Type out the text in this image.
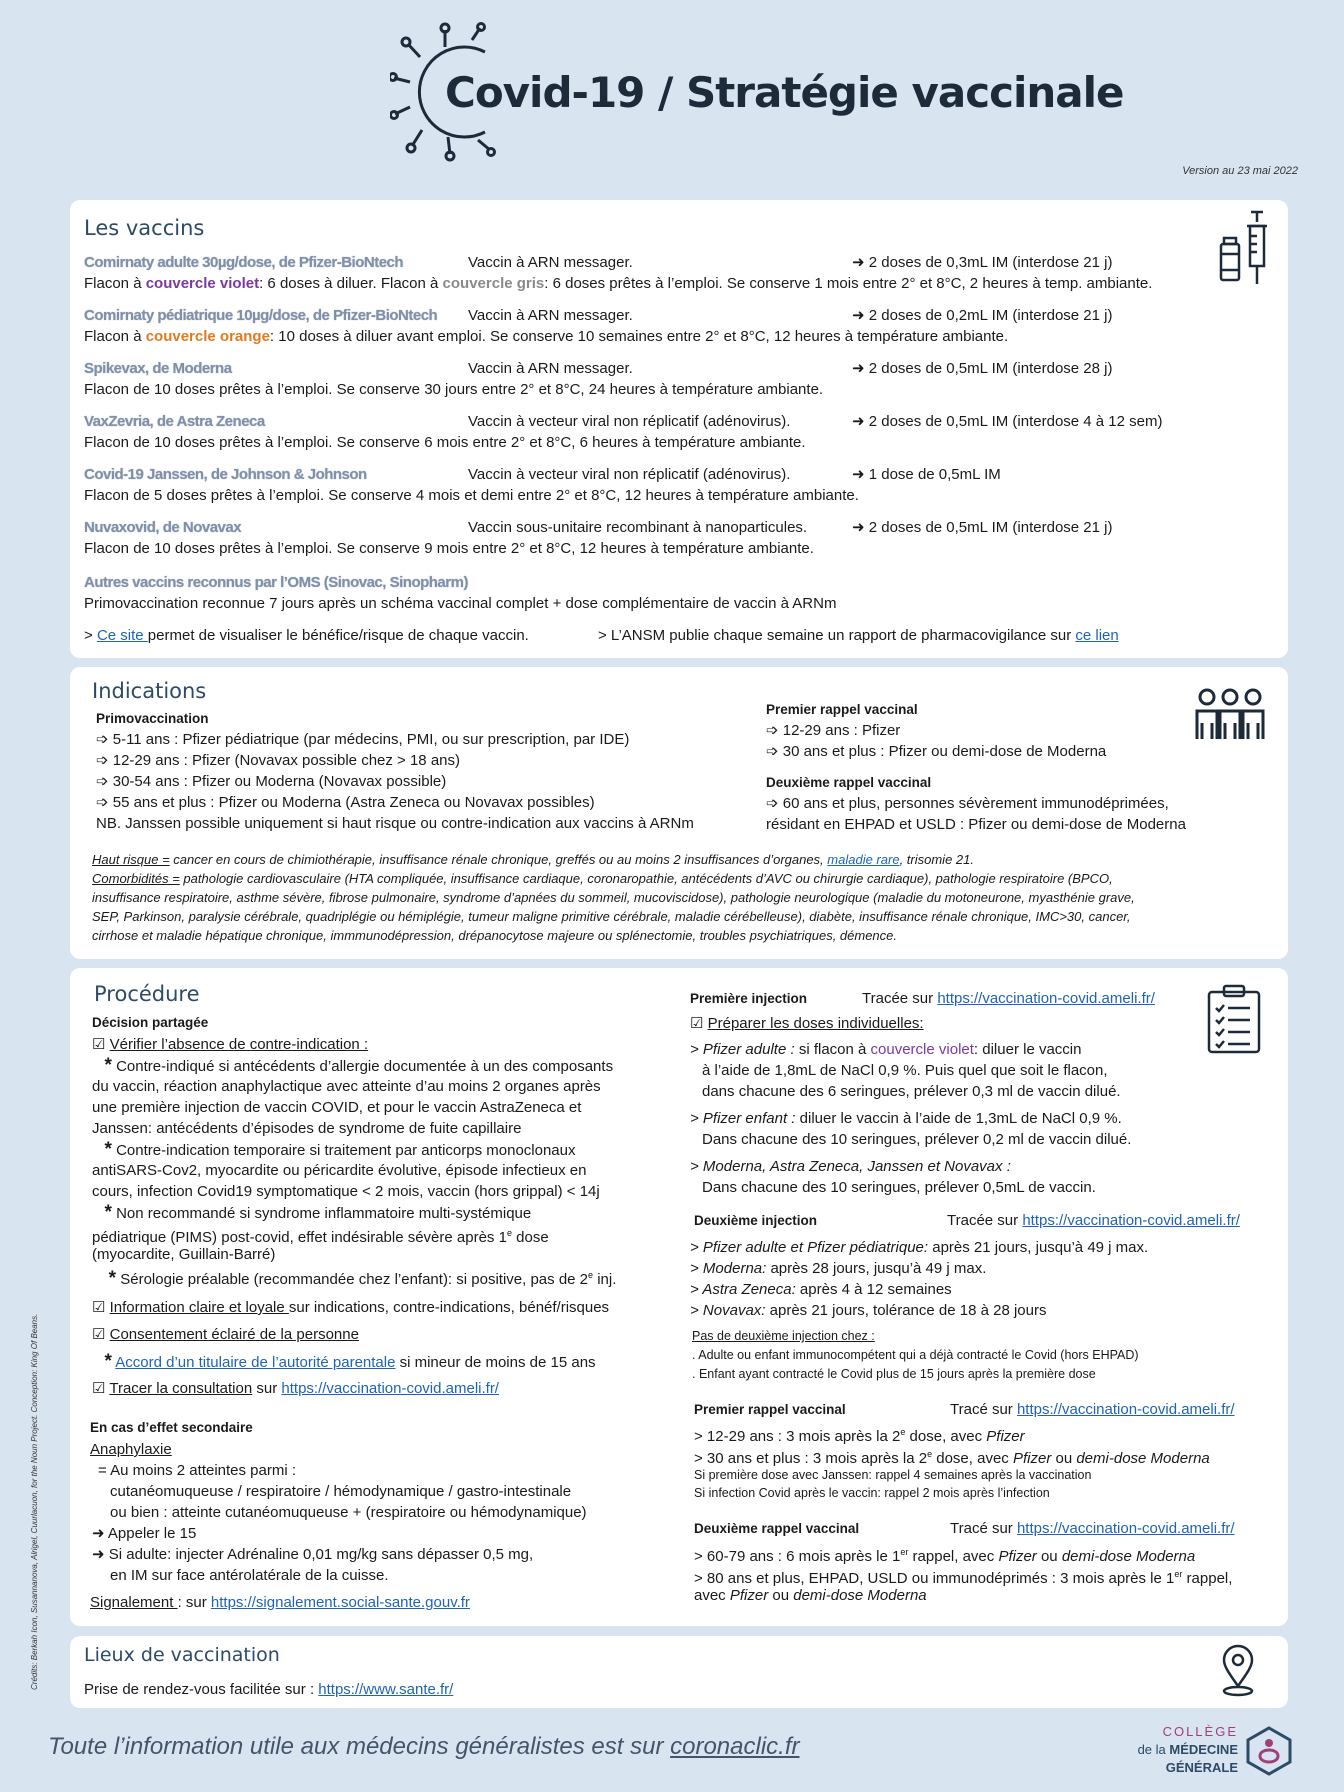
Covid-19 / Stratégie vaccinale
Version au 23 mai 2022
Les vaccins
Comirnaty adulte 30µg/dose, de Pfizer-BioNtech	Vaccin à ARN messager.	➜ 2 doses de 0,3mL IM (interdose 21 j)
Flacon à couvercle violet: 6 doses à diluer. Flacon à couvercle gris: 6 doses prêtes à l’emploi. Se conserve 1 mois entre 2° et 8°C, 2 heures à temp. ambiante.
Comirnaty pédiatrique 10µg/dose, de Pfizer-BioNtech Vaccin à ARN messager.	➜ 2 doses de 0,2mL IM (interdose 21 j)
Flacon à couvercle orange: 10 doses à diluer avant emploi. Se conserve 10 semaines entre 2° et 8°C, 12 heures à température ambiante.
Spikevax, de Moderna	Vaccin à ARN messager.	➜ 2 doses de 0,5mL IM (interdose 28 j)
Flacon de 10 doses prêtes à l’emploi. Se conserve 30 jours entre 2° et 8°C, 24 heures à température ambiante.
VaxZevria, de Astra Zeneca	Vaccin à vecteur viral non réplicatif (adénovirus).	➜ 2 doses de 0,5mL IM (interdose 4 à 12 sem)
Flacon de 10 doses prêtes à l’emploi. Se conserve 6 mois entre 2° et 8°C, 6 heures à température ambiante.
Covid-19 Janssen, de Johnson & Johnson	Vaccin à vecteur viral non réplicatif (adénovirus).	➜ 1 dose de 0,5mL IM
Flacon de 5 doses prêtes à l’emploi. Se conserve 4 mois et demi entre 2° et 8°C, 12 heures à température ambiante.
Nuvaxovid, de Novavax	Vaccin sous-unitaire recombinant à nanoparticules.	➜ 2 doses de 0,5mL IM (interdose 21 j)
Flacon de 10 doses prêtes à l’emploi. Se conserve 9 mois entre 2° et 8°C, 12 heures à température ambiante.
Autres vaccins reconnus par l’OMS (Sinovac, Sinopharm)
Primovaccination reconnue 7 jours après un schéma vaccinal complet + dose complémentaire de vaccin à ARNm
> Ce site permet de visualiser le bénéfice/risque de chaque vaccin.	> L’ANSM publie chaque semaine un rapport de pharmacovigilance sur ce lien
Indications
Primovaccination
➩ 5-11 ans : Pfizer pédiatrique (par médecins, PMI, ou sur prescription, par IDE)
➩ 12-29 ans : Pfizer (Novavax possible chez > 18 ans)
➩ 30-54 ans : Pfizer ou Moderna (Novavax possible)
➩ 55 ans et plus : Pfizer ou Moderna (Astra Zeneca ou Novavax possibles)
NB. Janssen possible uniquement si haut risque ou contre-indication aux vaccins à ARNm
Premier rappel vaccinal
➩ 12-29 ans : Pfizer
➩ 30 ans et plus : Pfizer ou demi-dose de Moderna
Deuxième rappel vaccinal
➩ 60 ans et plus, personnes sévèrement immunodéprimées,
résidant en EHPAD et USLD : Pfizer ou demi-dose de Moderna
Haut risque = cancer en cours de chimiothérapie, insuffisance rénale chronique, greffés ou au moins 2 insuffisances d’organes, maladie rare, trisomie 21.
Comorbidités = pathologie cardiovasculaire (HTA compliquée, insuffisance cardiaque, coronaropathie, antécédents d’AVC ou chirurgie cardiaque), pathologie respiratoire (BPCO,
insuffisance respiratoire, asthme sévère, fibrose pulmonaire, syndrome d’apnées du sommeil, mucoviscidose), pathologie neurologique (maladie du motoneurone, myasthénie grave,
SEP, Parkinson, paralysie cérébrale, quadriplégie ou hémiplégie, tumeur maligne primitive cérébrale, maladie cérébelleuse), diabète, insuffisance rénale chronique, IMC>30, cancer,
cirrhose et maladie hépatique chronique, immmunodépression, drépanocytose majeure ou splénectomie, troubles psychiatriques, démence.
Procédure
Décision partagée
☑ Vérifier l’absence de contre-indication :
* Contre-indiqué si antécédents d’allergie documentée à un des composants
du vaccin, réaction anaphylactique avec atteinte d’au moins 2 organes après
une première injection de vaccin COVID, et pour le vaccin AstraZeneca et
Janssen: antécédents d’épisodes de syndrome de fuite capillaire
* Contre-indication temporaire si traitement par anticorps monoclonaux
antiSARS-Cov2, myocardite ou péricardite évolutive, épisode infectieux en
cours, infection Covid19 symptomatique < 2 mois, vaccin (hors grippal) < 14j
* Non recommandé si syndrome inflammatoire multi-systémique
pédiatrique (PIMS) post-covid, effet indésirable sévère après 1e dose
(myocardite, Guillain-Barré)
* Sérologie préalable (recommandée chez l’enfant): si positive, pas de 2e inj.
☑ Information claire et loyale sur indications, contre-indications, bénéf/risques
☑ Consentement éclairé de la personne
* Accord d’un titulaire de l’autorité parentale si mineur de moins de 15 ans
☑ Tracer la consultation sur https://vaccination-covid.ameli.fr/
En cas d’effet secondaire
Anaphylaxie
= Au moins 2 atteintes parmi :
cutanéomuqueuse / respiratoire / hémodynamique / gastro-intestinale
ou bien : atteinte cutanéomuqueuse + (respiratoire ou hémodynamique)
➜ Appeler le 15
➜ Si adulte: injecter Adrénaline 0,01 mg/kg sans dépasser 0,5 mg,
en IM sur face antérolatérale de la cuisse.
Signalement : sur https://signalement.social-sante.gouv.fr
Première injection	Tracée sur https://vaccination-covid.ameli.fr/
☑ Préparer les doses individuelles:
> Pfizer adulte : si flacon à couvercle violet: diluer le vaccin
à l’aide de 1,8mL de NaCl 0,9 %. Puis quel que soit le flacon,
dans chacune des 6 seringues, prélever 0,3 ml de vaccin dilué.
> Pfizer enfant : diluer le vaccin à l’aide de 1,3mL de NaCl 0,9 %.
Dans chacune des 10 seringues, prélever 0,2 ml de vaccin dilué.
> Moderna, Astra Zeneca, Janssen et Novavax :
Dans chacune des 10 seringues, prélever 0,5mL de vaccin.
Deuxième injection	Tracée sur https://vaccination-covid.ameli.fr/
> Pfizer adulte et Pfizer pédiatrique: après 21 jours, jusqu’à 49 j max.
> Moderna: après 28 jours, jusqu’à 49 j max.
> Astra Zeneca: après 4 à 12 semaines
> Novavax: après 21 jours, tolérance de 18 à 28 jours
Pas de deuxième injection chez :
. Adulte ou enfant immunocompétent qui a déjà contracté le Covid (hors EHPAD)
. Enfant ayant contracté le Covid plus de 15 jours après la première dose
Premier rappel vaccinal	Tracé sur https://vaccination-covid.ameli.fr/
> 12-29 ans : 3 mois après la 2e dose, avec Pfizer
> 30 ans et plus : 3 mois après la 2e dose, avec Pfizer ou demi-dose Moderna
Si première dose avec Janssen: rappel 4 semaines après la vaccination
Si infection Covid après le vaccin: rappel 2 mois après l’infection
Deuxième rappel vaccinal	Tracé sur https://vaccination-covid.ameli.fr/
> 60-79 ans : 6 mois après le 1er rappel, avec Pfizer ou demi-dose Moderna
> 80 ans et plus, EHPAD, USLD ou immunodéprimés : 3 mois après le 1er rappel,
avec Pfizer ou demi-dose Moderna
Lieux de vaccination
Prise de rendez-vous facilitée sur : https://www.sante.fr/
Toute l’information utile aux médecins généralistes est sur coronaclic.fr
COLLÈGE
de la MÉDECINE
GÉNÉRALE
Crédits: Berkah Icon, Susannanova, Alrigel, Cuurlacuon, for the Noun Project. Conception: King Of Beans.
